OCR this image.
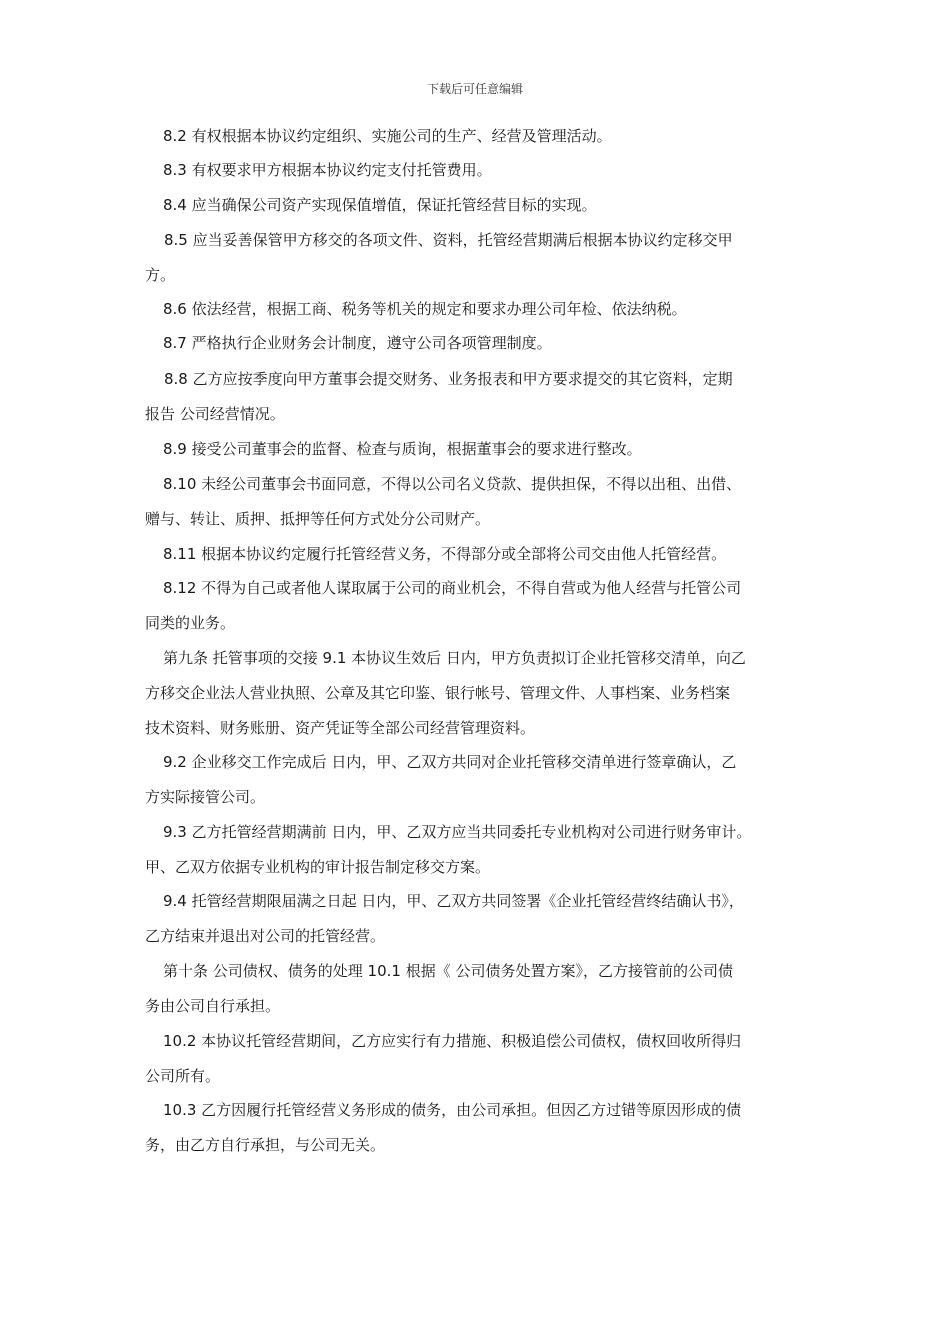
下载后可任意编辑
8.2 有权根据本协议约定组织、实施公司的生产、经营及管理活动。
8.3 有权要求甲方根据本协议约定支付托管费用。
8.4 应当确保公司资产实现保值增值，保证托管经营目标的实现。
8.5 应当妥善保管甲方移交的各项文件、资料，托管经营期满后根据本协议约定移交甲
方。
8.6 依法经营，根据工商、税务等机关的规定和要求办理公司年检、依法纳税。
8.7 严格执行企业财务会计制度，遵守公司各项管理制度。
8.8 乙方应按季度向甲方董事会提交财务、业务报表和甲方要求提交的其它资料，定期
报告 公司经营情况。
8.9 接受公司董事会的监督、检查与质询，根据董事会的要求进行整改。
8.10 未经公司董事会书面同意，不得以公司名义贷款、提供担保，不得以出租、出借、
赠与、转让、质押、抵押等任何方式处分公司财产。
8.11 根据本协议约定履行托管经营义务，不得部分或全部将公司交由他人托管经营。
8.12 不得为自己或者他人谋取属于公司的商业机会，不得自营或为他人经营与托管公司
同类的业务。
第九条 托管事项的交接 9.1 本协议生效后 日内，甲方负责拟订企业托管移交清单，向乙
方移交企业法人营业执照、公章及其它印鉴、银行帐号、管理文件、人事档案、业务档案
技术资料、财务账册、资产凭证等全部公司经营管理资料。
9.2 企业移交工作完成后 日内，甲、乙双方共同对企业托管移交清单进行签章确认，乙
方实际接管公司。
9.3 乙方托管经营期满前 日内，甲、乙双方应当共同委托专业机构对公司进行财务审计。
甲、乙双方依据专业机构的审计报告制定移交方案。
9.4 托管经营期限届满之日起 日内，甲、乙双方共同签署《企业托管经营终结确认书》，
乙方结束并退出对公司的托管经营。
第十条 公司债权、债务的处理 10.1 根据《 公司债务处置方案》，乙方接管前的公司债
务由公司自行承担。
10.2 本协议托管经营期间，乙方应实行有力措施、积极追偿公司债权，债权回收所得归
公司所有。
10.3 乙方因履行托管经营义务形成的债务，由公司承担。但因乙方过错等原因形成的债
务，由乙方自行承担，与公司无关。
